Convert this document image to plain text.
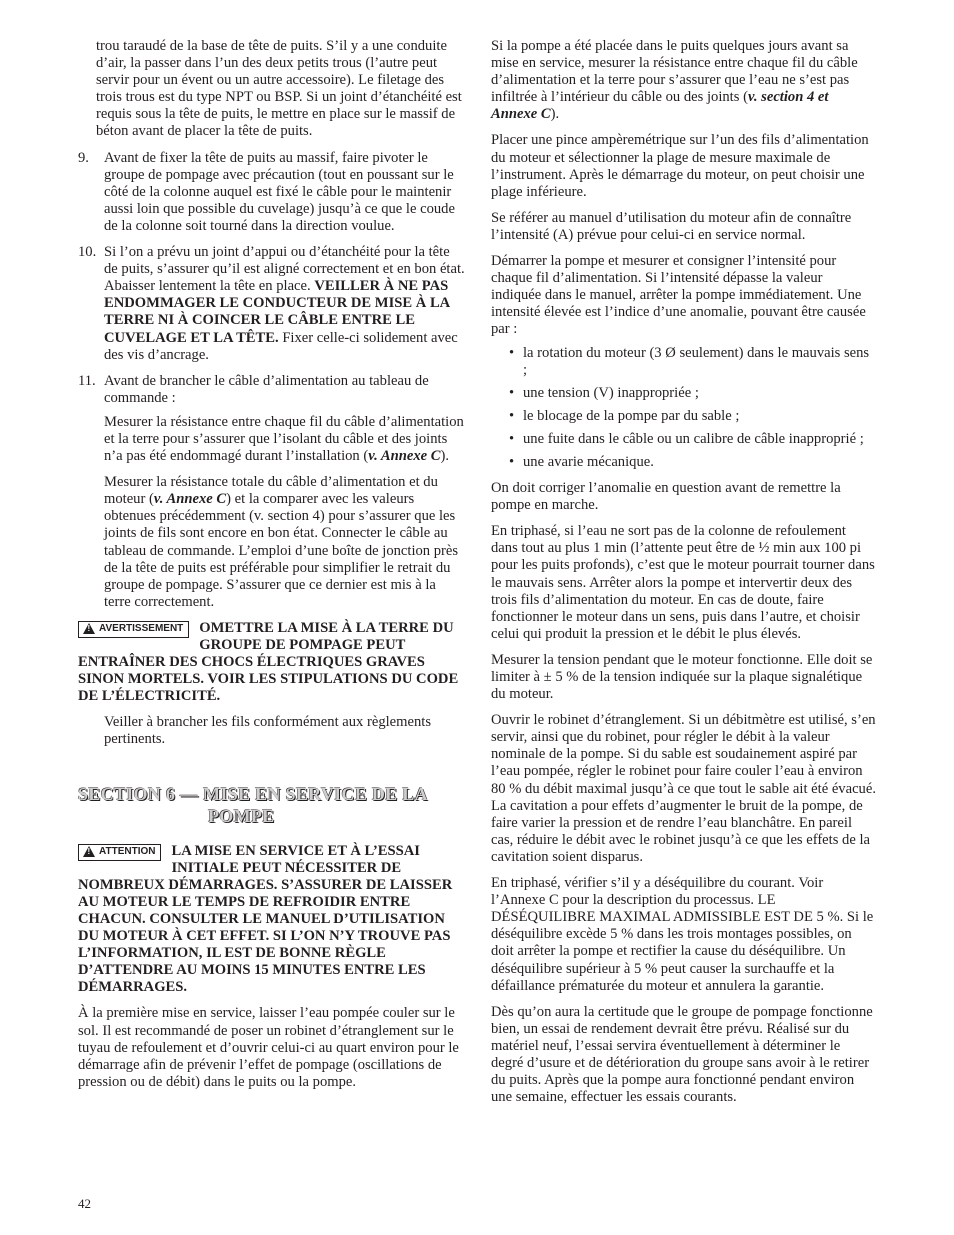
trou taraudé de la base de tête de puits. S’il y a une conduite d’air, la passer dans l’un des deux petits trous (l’autre peut servir pour un évent ou un autre accessoire). Le filetage des trois trous est du type NPT ou BSP. Si un joint d’étanchéité est requis sous la tête de puits, le mettre en place sur le massif de béton avant de placer la tête de puits.

9. Avant de fixer la tête de puits au massif, faire pivoter le groupe de pompage avec précaution (tout en poussant sur le côté de la colonne auquel est fixé le câble pour le maintenir aussi loin que possible du cuvelage) jusqu’à ce que le coude de la colonne soit tourné dans la direction voulue.
10. Si l’on a prévu un joint d’appui ou d’étanchéité pour la tête de puits, s’assurer qu’il est aligné correctement et en bon état. Abaisser lentement la tête en place. VEILLER À NE PAS ENDOMMAGER LE CONDUCTEUR DE MISE À LA TERRE NI À COINCER LE CÂBLE ENTRE LE CUVELAGE ET LA TÊTE. Fixer celle-ci solidement avec des vis d’ancrage.
11. Avant de brancher le câble d’alimentation au tableau de commande :

Mesurer la résistance entre chaque fil du câble d’alimentation et la terre pour s’assurer que l’isolant du câble et des joints n’a pas été endommagé durant l’installation (v. Annexe C).

Mesurer la résistance totale du câble d’alimentation et du moteur (v. Annexe C) et la comparer avec les valeurs obtenues précédemment (v. section 4) pour s’assurer que les joints de fils sont encore en bon état. Connecter le câble au tableau de commande. L’emploi d’une boîte de jonction près de la tête de puits est préférable pour simplifier le retrait du groupe de pompage. S’assurer que ce dernier est mis à la terre correctement.

! AVERTISSEMENT OMETTRE LA MISE À LA TERRE DU GROUPE DE POMPAGE PEUT ENTRAÎNER DES CHOCS ÉLECTRIQUES GRAVES SINON MORTELS. VOIR LES STIPULATIONS DU CODE DE L’ÉLECTRICITÉ.

Veiller à brancher les fils conformément aux règlements pertinents.

SECTION 6 — MISE EN SERVICE DE LA
POMPE
! ATTENTION LA MISE EN SERVICE ET À L’ESSAI INITIALE PEUT NÉCESSITER DE NOMBREUX DÉMARRAGES. S’ASSURER DE LAISSER AU MOTEUR LE TEMPS DE REFROIDIR ENTRE CHACUN. CONSULTER LE MANUEL D’UTILISATION DU MOTEUR À CET EFFET. SI L’ON N’Y TROUVE PAS L’INFORMATION, IL EST DE BONNE RÈGLE D’ATTENDRE AU MOINS 15 MINUTES ENTRE LES DÉMARRAGES.

À la première mise en service, laisser l’eau pompée couler sur le sol. Il est recommandé de poser un robinet d’étranglement sur le tuyau de refoulement et d’ouvrir celui-ci au quart environ pour le démarrage afin de prévenir l’effet de pompage (oscillations de pression ou de débit) dans le puits ou la pompe.

Si la pompe a été placée dans le puits quelques jours avant sa mise en service, mesurer la résistance entre chaque fil du câble d’alimentation et la terre pour s’assurer que l’eau ne s’est pas infiltrée à l’intérieur du câble ou des joints (v. section 4 et Annexe C).

Placer une pince ampèremétrique sur l’un des fils d’alimentation du moteur et sélectionner la plage de mesure maximale de l’instrument. Après le démarrage du moteur, on peut choisir une plage inférieure.

Se référer au manuel d’utilisation du moteur afin de connaître l’intensité (A) prévue pour celui-ci en service normal.

Démarrer la pompe et mesurer et consigner l’intensité pour chaque fil d’alimentation. Si l’intensité dépasse la valeur indiquée dans le manuel, arrêter la pompe immédiatement. Une intensité élevée est l’indice d’une anomalie, pouvant être causée par :

• la rotation du moteur (3 Ø seulement) dans le mauvais sens ;
• une tension (V) inappropriée ;
• le blocage de la pompe par du sable ;
• une fuite dans le câble ou un calibre de câble inapproprié ;
• une avarie mécanique.

On doit corriger l’anomalie en question avant de remettre la pompe en marche.

En triphasé, si l’eau ne sort pas de la colonne de refoulement dans tout au plus 1 min (l’attente peut être de ½ min aux 100 pi pour les puits profonds), c’est que le moteur pourrait tourner dans le mauvais sens. Arrêter alors la pompe et intervertir deux des trois fils d’alimentation du moteur. En cas de doute, faire fonctionner le moteur dans un sens, puis dans l’autre, et choisir celui qui produit la pression et le débit le plus élevés.

Mesurer la tension pendant que le moteur fonctionne. Elle doit se limiter à ± 5 % de la tension indiquée sur la plaque signalétique du moteur.

Ouvrir le robinet d’étranglement. Si un débitmètre est utilisé, s’en servir, ainsi que du robinet, pour régler le débit à la valeur nominale de la pompe. Si du sable est soudainement aspiré par l’eau pompée, régler le robinet pour faire couler l’eau à environ 80 % du débit maximal jusqu’à ce que tout le sable ait été évacué. La cavitation a pour effets d’augmenter le bruit de la pompe, de faire varier la pression et de rendre l’eau blanchâtre. En pareil cas, réduire le débit avec le robinet jusqu’à ce que les effets de la cavitation soient disparus.

En triphasé, vérifier s’il y a déséquilibre du courant. Voir l’Annexe C pour la description du processus. LE DÉSÉQUILIBRE MAXIMAL ADMISSIBLE EST DE 5 %. Si le déséquilibre excède 5 % dans les trois montages possibles, on doit arrêter la pompe et rectifier la cause du déséquilibre. Un déséquilibre supérieur à 5 % peut causer la surchauffe et la défaillance prématurée du moteur et annulera la garantie.

Dès qu’on aura la certitude que le groupe de pompage fonctionne bien, un essai de rendement devrait être prévu. Réalisé sur du matériel neuf, l’essai servira éventuellement à déterminer le degré d’usure et de détérioration du groupe sans avoir à le retirer du puits. Après que la pompe aura fonctionné pendant environ une semaine, effectuer les essais courants.

42
